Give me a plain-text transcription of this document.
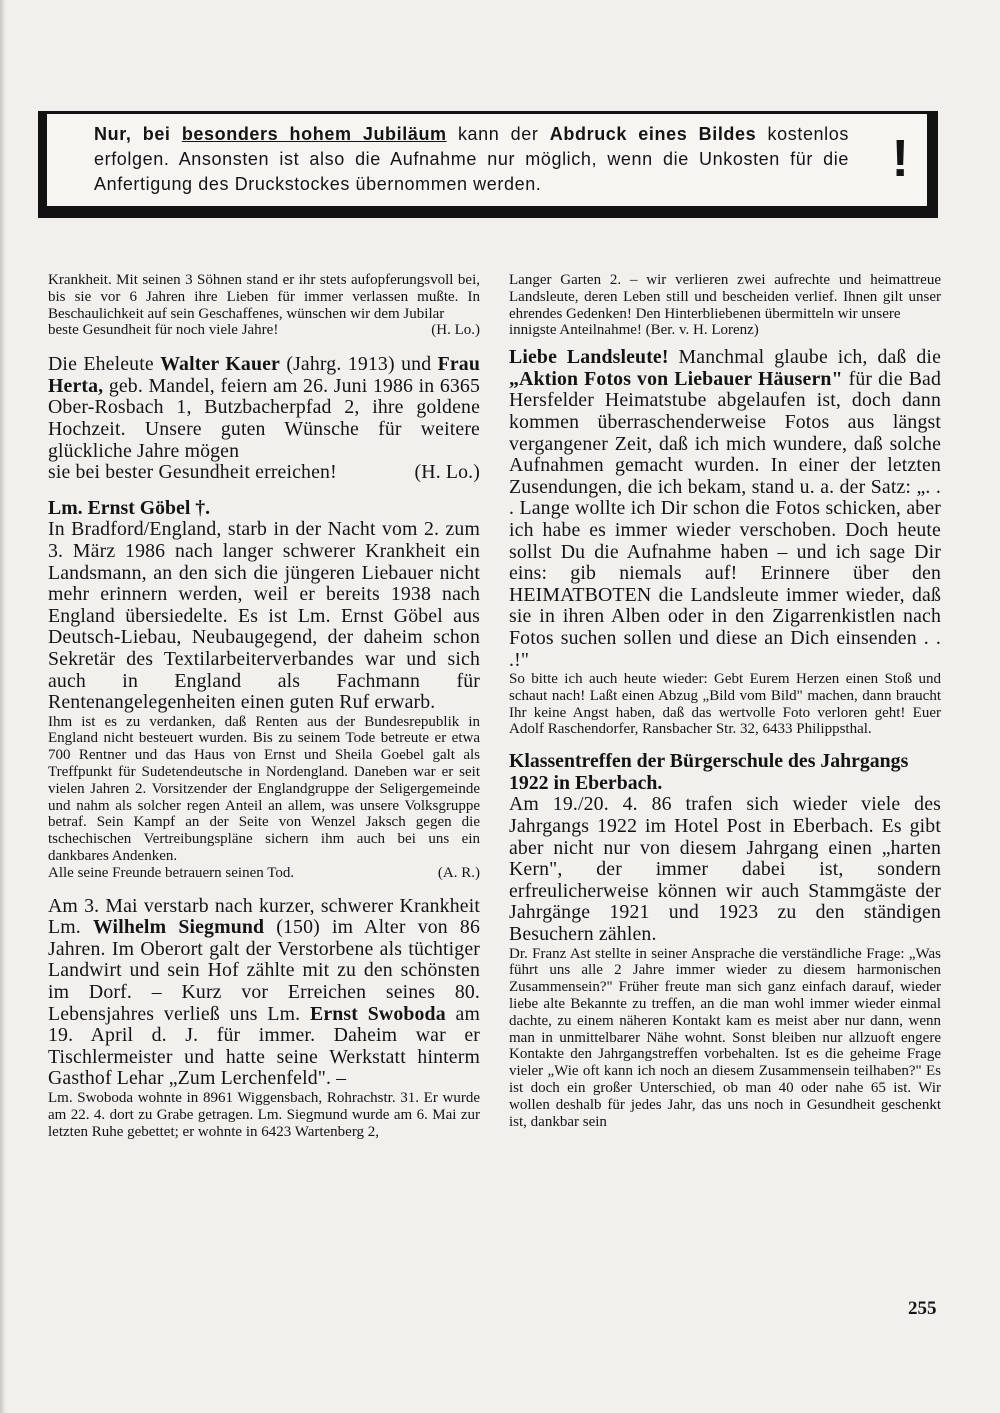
Nur, bei besonders hohem Jubiläum kann der Abdruck eines Bildes kostenlos erfolgen. Ansonsten ist also die Aufnahme nur möglich, wenn die Unkosten für die Anfertigung des Druckstockes übernommen werden.	!

Krankheit. Mit seinen 3 Söhnen stand er ihr stets aufopferungsvoll bei, bis sie vor 6 Jahren ihre Lieben für immer verlassen mußte. In Beschaulichkeit auf sein Geschaffenes, wünschen wir dem Jubilar

beste Gesundheit für noch viele Jahre!	(H. Lo.)

Die Eheleute Walter Kauer (Jahrg. 1913) und Frau Herta, geb. Mandel, feiern am 26. Juni 1986 in 6365 Ober-Rosbach 1, Butzbacherpfad 2, ihre goldene Hochzeit. Unsere guten Wünsche für weitere glückliche Jahre mögen

sie bei bester Gesundheit erreichen!	(H. Lo.)
Lm. Ernst Göbel †.

In Bradford/England, starb in der Nacht vom 2. zum 3. März 1986 nach langer schwerer Krankheit ein Landsmann, an den sich die jüngeren Liebauer nicht mehr erinnern werden, weil er bereits 1938 nach England übersiedelte. Es ist Lm. Ernst Göbel aus Deutsch-Liebau, Neubaugegend, der daheim schon Sekretär des Textilarbeiterverbandes war und sich auch in England als Fachmann für Rentenangelegenheiten einen guten Ruf erwarb.

Ihm ist es zu verdanken, daß Renten aus der Bundesrepublik in England nicht besteuert wurden. Bis zu seinem Tode betreute er etwa 700 Rentner und das Haus von Ernst und Sheila Goebel galt als Treffpunkt für Sudetendeutsche in Nordengland. Daneben war er seit vielen Jahren 2. Vorsitzender der Englandgruppe der Seligergemeinde und nahm als solcher regen Anteil an allem, was unsere Volksgruppe betraf. Sein Kampf an der Seite von Wenzel Jaksch gegen die tschechischen Vertreibungspläne sichern ihm auch bei uns ein dankbares Andenken.

Alle seine Freunde betrauern seinen Tod.	(A. R.)

Am 3. Mai verstarb nach kurzer, schwerer Krankheit Lm. Wilhelm Siegmund (150) im Alter von 86 Jahren. Im Oberort galt der Verstorbene als tüchtiger Landwirt und sein Hof zählte mit zu den schönsten im Dorf. – Kurz vor Erreichen seines 80. Lebensjahres verließ uns Lm. Ernst Swoboda am 19. April d. J. für immer. Daheim war er Tischlermeister und hatte seine Werkstatt hinterm Gasthof Lehar „Zum Lerchenfeld". –

Lm. Swoboda wohnte in 8961 Wiggensbach, Rohrachstr. 31. Er wurde am 22. 4. dort zu Grabe getragen. Lm. Siegmund wurde am 6. Mai zur letzten Ruhe gebettet; er wohnte in 6423 Wartenberg 2,

Langer Garten 2. – wir verlieren zwei aufrechte und heimattreue Landsleute, deren Leben still und bescheiden verlief. Ihnen gilt unser ehrendes Gedenken! Den Hinterbliebenen übermitteln wir unsere

innigste Anteilnahme! (Ber. v. H. Lorenz)

Liebe Landsleute! Manchmal glaube ich, daß die „Aktion Fotos von Liebauer Häusern" für die Bad Hersfelder Heimatstube abgelaufen ist, doch dann kommen überraschenderweise Fotos aus längst vergangener Zeit, daß ich mich wundere, daß solche Aufnahmen gemacht wurden. In einer der letzten Zusendungen, die ich bekam, stand u. a. der Satz: „. . . Lange wollte ich Dir schon die Fotos schicken, aber ich habe es immer wieder verschoben. Doch heute sollst Du die Aufnahme haben – und ich sage Dir eins: gib niemals auf! Erinnere über den HEIMATBOTEN die Landsleute immer wieder, daß sie in ihren Alben oder in den Zigarrenkistlen nach Fotos suchen sollen und diese an Dich einsenden . . .!"

So bitte ich auch heute wieder: Gebt Eurem Herzen einen Stoß und schaut nach! Laßt einen Abzug „Bild vom Bild" machen, dann braucht Ihr keine Angst haben, daß das wertvolle Foto verloren geht! Euer Adolf Raschendorfer, Ransbacher Str. 32, 6433 Philippsthal.

Klassentreffen der Bürgerschule des Jahrgangs 1922 in Eberbach.

Am 19./20. 4. 86 trafen sich wieder viele des Jahrgangs 1922 im Hotel Post in Eberbach. Es gibt aber nicht nur von diesem Jahrgang einen „harten Kern", der immer dabei ist, sondern erfreulicherweise können wir auch Stammgäste der Jahrgänge 1921 und 1923 zu den ständigen Besuchern zählen.

Dr. Franz Ast stellte in seiner Ansprache die verständliche Frage: „Was führt uns alle 2 Jahre immer wieder zu diesem harmonischen Zusammensein?" Früher freute man sich ganz einfach darauf, wieder liebe alte Bekannte zu treffen, an die man wohl immer wieder einmal dachte, zu einem näheren Kontakt kam es meist aber nur dann, wenn man in unmittelbarer Nähe wohnt. Sonst bleiben nur allzuoft engere Kontakte den Jahrgangstreffen vorbehalten. Ist es die geheime Frage vieler „Wie oft kann ich noch an diesem Zusammensein teilhaben?" Es ist doch ein großer Unterschied, ob man 40 oder nahe 65 ist. Wir wollen deshalb für jedes Jahr, das uns noch in Gesundheit geschenkt ist, dankbar sein

255
